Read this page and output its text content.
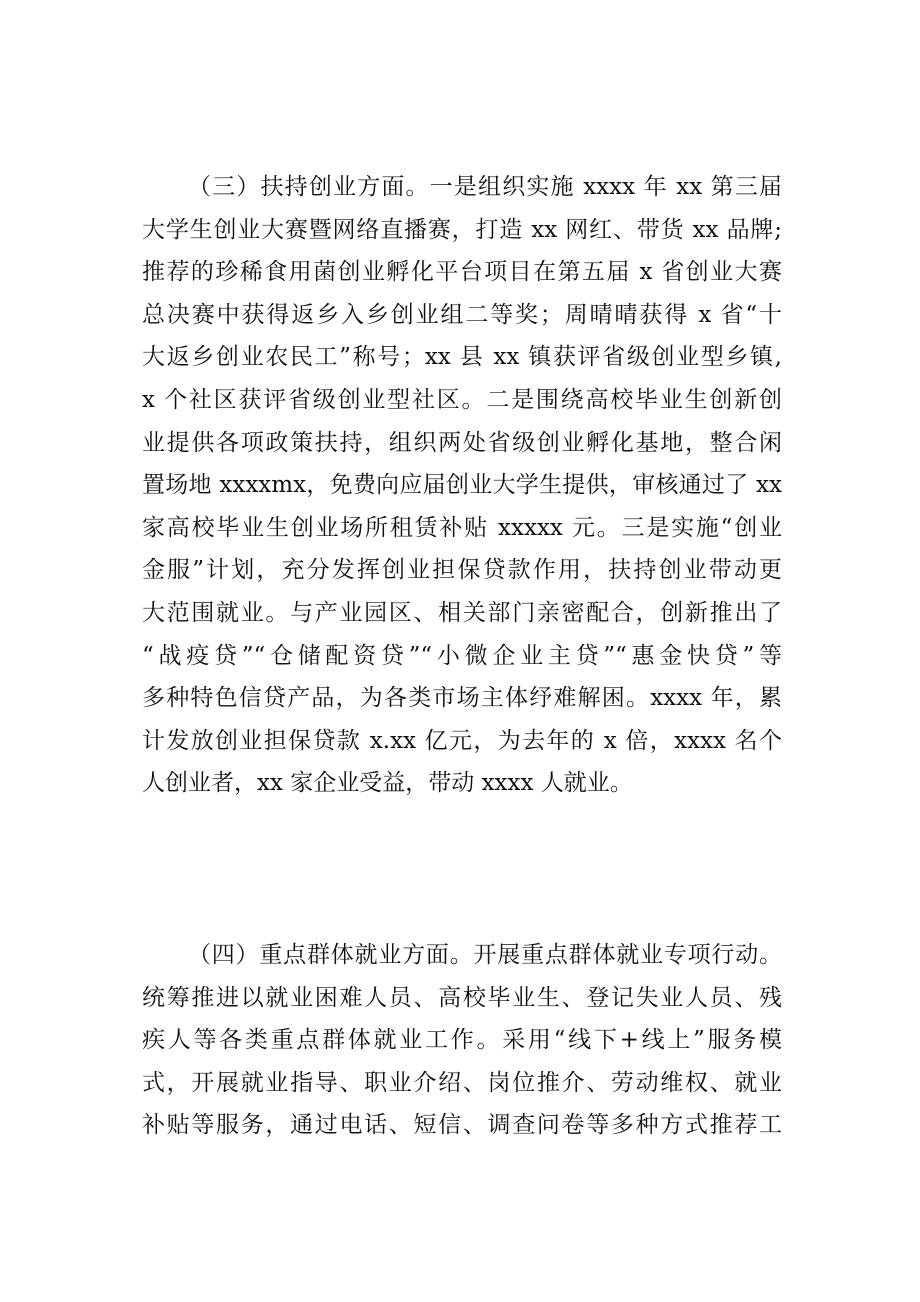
（三）扶持创业方面。一是组织实施 xxxx 年 xx 第三届
大学生创业大赛暨网络直播赛，打造 xx 网红、带货 xx 品牌;
推荐的珍稀食用菌创业孵化平台项目在第五届 x 省创业大赛
总决赛中获得返乡入乡创业组二等奖；周晴晴获得 x 省“十
大返乡创业农民工”称号；xx 县 xx 镇获评省级创业型乡镇,
x 个社区获评省级创业型社区。二是围绕高校毕业生创新创
业提供各项政策扶持，组织两处省级创业孵化基地，整合闲
置场地 xxxxmx，免费向应届创业大学生提供，审核通过了 xx
家高校毕业生创业场所租赁补贴 xxxxx 元。三是实施“创业
金服”计划，充分发挥创业担保贷款作用，扶持创业带动更
大范围就业。与产业园区、相关部门亲密配合，创新推出了
“战疫贷”“仓储配资贷”“小微企业主贷”“惠金快贷”等
多种特色信贷产品，为各类市场主体纾难解困。xxxx 年，累
计发放创业担保贷款 x.xx 亿元，为去年的 x 倍，xxxx 名个
人创业者，xx 家企业受益，带动 xxxx 人就业。
（四）重点群体就业方面。开展重点群体就业专项行动。
统筹推进以就业困难人员、高校毕业生、登记失业人员、残
疾人等各类重点群体就业工作。采用“线下+线上”服务模
式，开展就业指导、职业介绍、岗位推介、劳动维权、就业
补贴等服务，通过电话、短信、调查问卷等多种方式推荐工
